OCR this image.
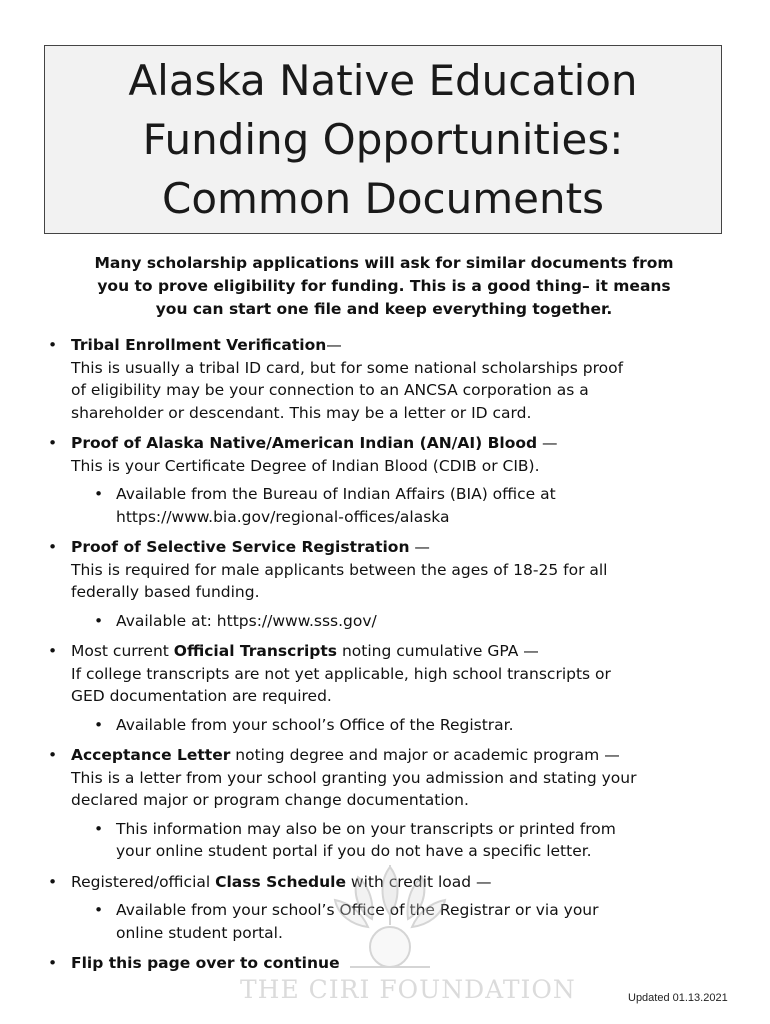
Alaska Native Education
Funding Opportunities:
Common Documents
Many scholarship applications will ask for similar documents from
you to prove eligibility for funding. This is a good thing– it means
you can start one file and keep everything together.
• Tribal Enrollment Verification—
This is usually a tribal ID card, but for some national scholarships proof
of eligibility may be your connection to an ANCSA corporation as a
shareholder or descendant. This may be a letter or ID card.
• Proof of Alaska Native/American Indian (AN/AI) Blood —
This is your Certificate Degree of Indian Blood (CDIB or CIB).
• Available from the Bureau of Indian Affairs (BIA) office at
https://www.bia.gov/regional-offices/alaska
• Proof of Selective Service Registration —
This is required for male applicants between the ages of 18-25 for all
federally based funding.
• Available at: https://www.sss.gov/
• Most current Official Transcripts noting cumulative GPA —
If college transcripts are not yet applicable, high school transcripts or
GED documentation are required.
• Available from your school’s Office of the Registrar.
• Acceptance Letter noting degree and major or academic program —
This is a letter from your school granting you admission and stating your
declared major or program change documentation.
• This information may also be on your transcripts or printed from
your online student portal if you do not have a specific letter.
• Registered/official Class Schedule with credit load —
• Available from your school’s Office of the Registrar or via your
online student portal.
• Flip this page over to continue
THE CIRI FOUNDATION	Updated 01.13.2021
